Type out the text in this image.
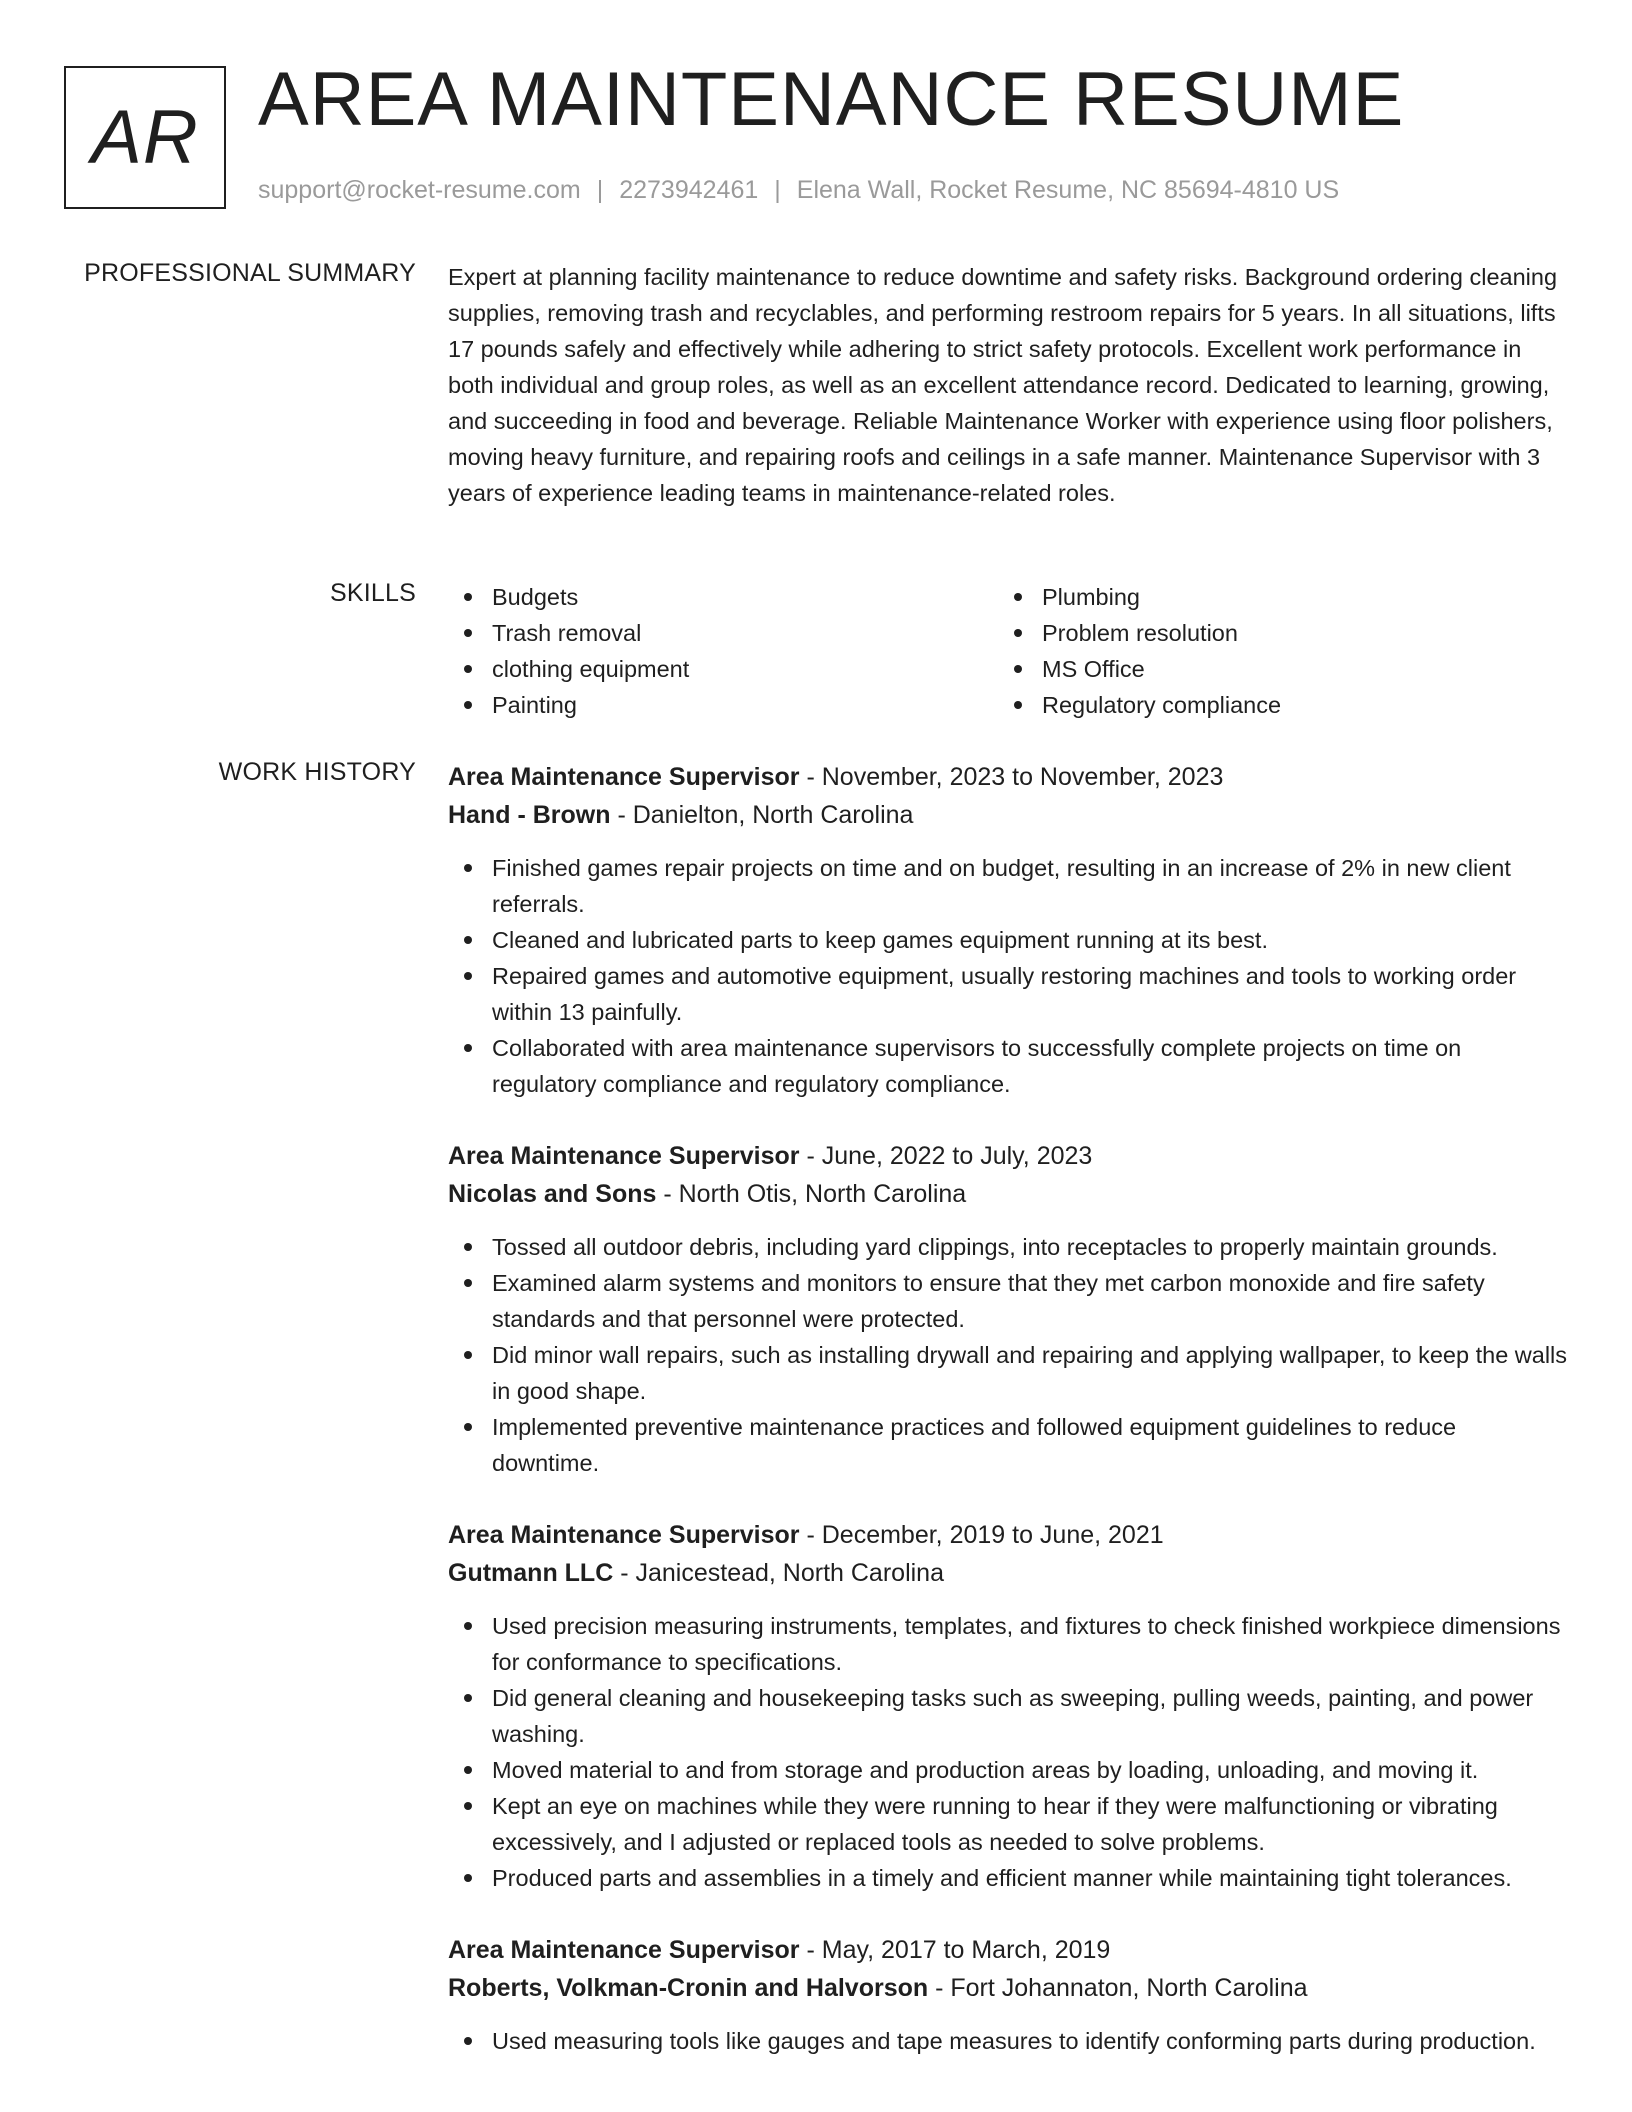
AR AREA MAINTENANCE RESUME
support@rocket-resume.com | 2273942461 | Elena Wall, Rocket Resume, NC 85694-4810 US
PROFESSIONAL SUMMARY Expert at planning facility maintenance to reduce downtime and safety risks. Background ordering cleaning supplies, removing trash and recyclables, and performing restroom repairs for 5 years. In all situations, lifts 17 pounds safely and effectively while adhering to strict safety protocols. Excellent work performance in both individual and group roles, as well as an excellent attendance record. Dedicated to learning, growing, and succeeding in food and beverage. Reliable Maintenance Worker with experience using floor polishers, moving heavy furniture, and repairing roofs and ceilings in a safe manner. Maintenance Supervisor with 3 years of experience leading teams in maintenance-related roles.
SKILLS	Budgets
Trash removal
clothing equipment
Painting
Plumbing
Problem resolution
MS Office
Regulatory compliance
WORK HISTORY Area Maintenance Supervisor - November, 2023 to November, 2023
Hand - Brown - Danielton, North Carolina
Finished games repair projects on time and on budget, resulting in an increase of 2% in new client referrals.
Cleaned and lubricated parts to keep games equipment running at its best.
Repaired games and automotive equipment, usually restoring machines and tools to working order within 13 painfully.
Collaborated with area maintenance supervisors to successfully complete projects on time on regulatory compliance and regulatory compliance.
Area Maintenance Supervisor - June, 2022 to July, 2023
Nicolas and Sons - North Otis, North Carolina
Tossed all outdoor debris, including yard clippings, into receptacles to properly maintain grounds.
Examined alarm systems and monitors to ensure that they met carbon monoxide and fire safety standards and that personnel were protected.
Did minor wall repairs, such as installing drywall and repairing and applying wallpaper, to keep the walls in good shape.
Implemented preventive maintenance practices and followed equipment guidelines to reduce downtime.
Area Maintenance Supervisor - December, 2019 to June, 2021
Gutmann LLC - Janicestead, North Carolina
Used precision measuring instruments, templates, and fixtures to check finished workpiece dimensions for conformance to specifications.
Did general cleaning and housekeeping tasks such as sweeping, pulling weeds, painting, and power washing.
Moved material to and from storage and production areas by loading, unloading, and moving it.
Kept an eye on machines while they were running to hear if they were malfunctioning or vibrating excessively, and I adjusted or replaced tools as needed to solve problems.
Produced parts and assemblies in a timely and efficient manner while maintaining tight tolerances.
Area Maintenance Supervisor - May, 2017 to March, 2019
Roberts, Volkman-Cronin and Halvorson - Fort Johannaton, North Carolina
Used measuring tools like gauges and tape measures to identify conforming parts during production.
